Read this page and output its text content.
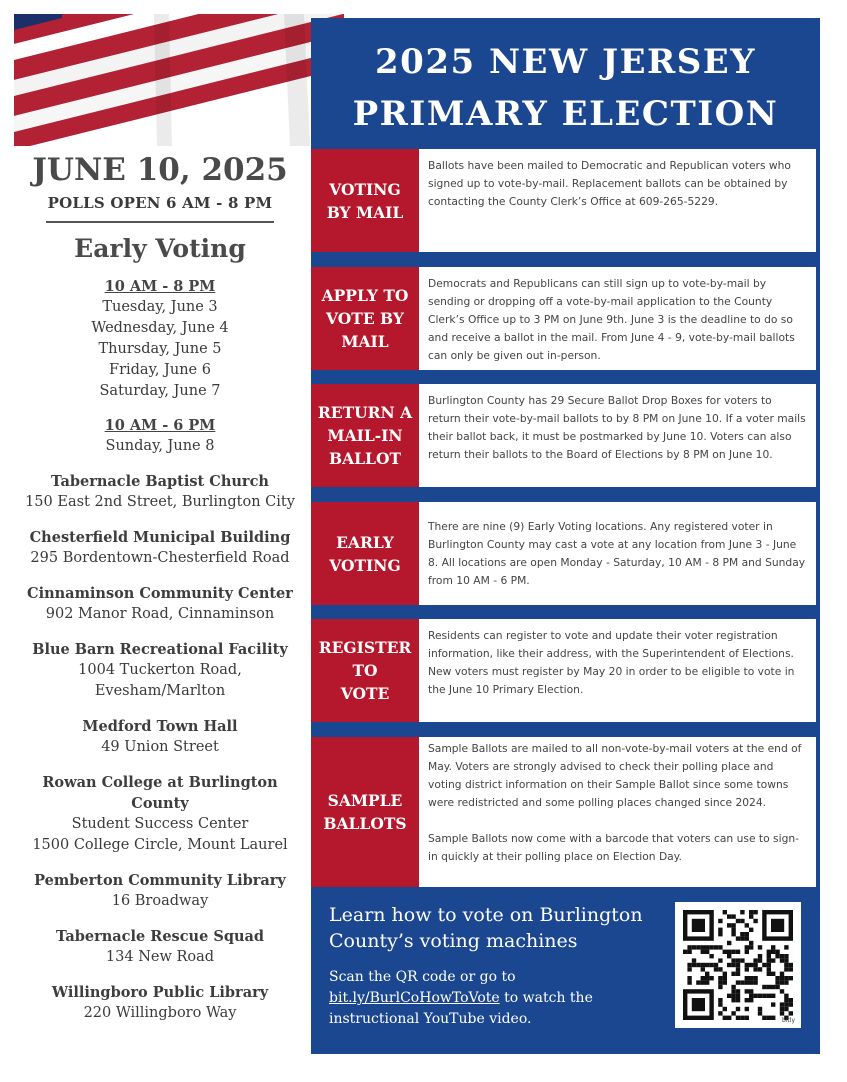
JUNE 10, 2025
POLLS OPEN 6 AM - 8 PM
Early Voting
10 AM - 8 PM
Tuesday, June 3
Wednesday, June 4
Thursday, June 5
Friday, June 6
Saturday, June 7
10 AM - 6 PM
Sunday, June 8
Tabernacle Baptist Church
150 East 2nd Street, Burlington City
Chesterfield Municipal Building
295 Bordentown-Chesterfield Road
Cinnaminson Community Center
902 Manor Road, Cinnaminson
Blue Barn Recreational Facility
1004 Tuckerton Road,
Evesham/Marlton
Medford Town Hall
49 Union Street
Rowan College at Burlington County
Student Success Center
1500 College Circle, Mount Laurel
Pemberton Community Library
16 Broadway
Tabernacle Rescue Squad
134 New Road
Willingboro Public Library
220 Willingboro Way
2025 NEW JERSEY
PRIMARY ELECTION
VOTING
BY MAIL

Ballots have been mailed to Democratic and Republican voters who signed up to vote-by-mail. Replacement ballots can be obtained by contacting the County Clerk’s Office at 609-265-5229.

APPLY TO
VOTE BY
MAIL

Democrats and Republicans can still sign up to vote-by-mail by sending or dropping off a vote-by-mail application to the County Clerk’s Office up to 3 PM on June 9th. June 3 is the deadline to do so and receive a ballot in the mail. From June 4 - 9, vote-by-mail ballots can only be given out in-person.

RETURN A
MAIL-IN
BALLOT

Burlington County has 29 Secure Ballot Drop Boxes for voters to return their vote-by-mail ballots to by 8 PM on June 10. If a voter mails their ballot back, it must be postmarked by June 10. Voters can also return their ballots to the Board of Elections by 8 PM on June 10.

EARLY
VOTING

There are nine (9) Early Voting locations. Any registered voter in Burlington County may cast a vote at any location from June 3 - June 8. All locations are open Monday - Saturday, 10 AM - 8 PM and Sunday from 10 AM - 6 PM.

REGISTER
TO
VOTE

Residents can register to vote and update their voter registration information, like their address, with the Superintendent of Elections. New voters must register by May 20 in order to be eligible to vote in the June 10 Primary Election.

SAMPLE
BALLOTS

Sample Ballots are mailed to all non-vote-by-mail voters at the end of May. Voters are strongly advised to check their polling place and voting district information on their Sample Ballot since some towns were redistricted and some polling places changed since 2024.

Sample Ballots now come with a barcode that voters can use to sign-in quickly at their polling place on Election Day.

Learn how to vote on Burlington County’s voting machines
Scan the QR code or go to
bit.ly/BurlCoHowToVote to watch the instructional YouTube video.	bitly
